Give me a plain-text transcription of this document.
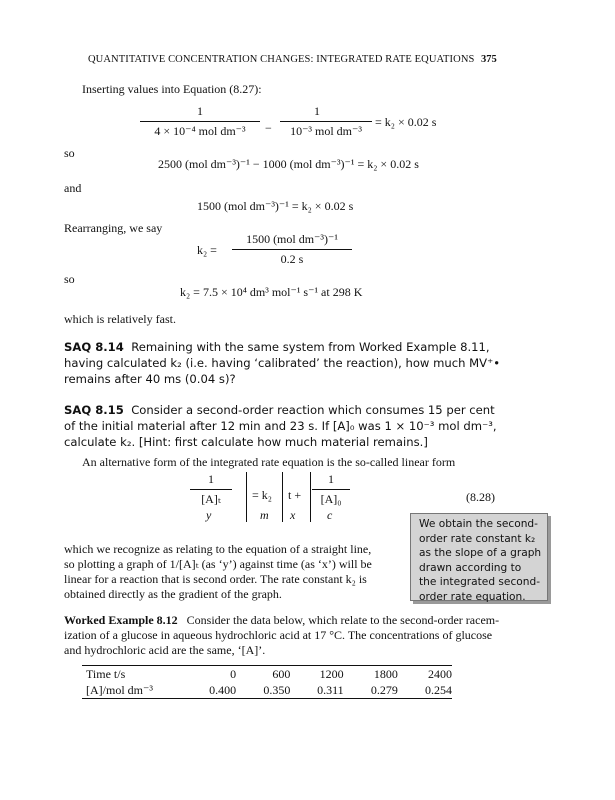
QUANTITATIVE CONCENTRATION CHANGES: INTEGRATED RATE EQUATIONS 375
Inserting values into Equation (8.27):
1
4 × 10⁻⁴ mol dm⁻³	−
1
10⁻³ mol dm⁻³
= k₂ × 0.02 s
so
2500 (mol dm⁻³)⁻¹ − 1000 (mol dm⁻³)⁻¹ = k₂ × 0.02 s
and
1500 (mol dm⁻³)⁻¹ = k₂ × 0.02 s
Rearranging, we say
k₂ =
1500 (mol dm⁻³)⁻¹
0.2 s
so
k₂ = 7.5 × 10⁴ dm³ mol⁻¹ s⁻¹ at 298 K
which is relatively fast.
SAQ 8.14 Remaining with the same system from Worked Example 8.11,
having calculated k₂ (i.e. having ‘calibrated’ the reaction), how much MV⁺•
remains after 40 ms (0.04 s)?
SAQ 8.15 Consider a second-order reaction which consumes 15 per cent
of the initial material after 12 min and 23 s. If [A]₀ was 1 × 10⁻³ mol dm⁻³,
calculate k₂. [Hint: first calculate how much material remains.]
An alternative form of the integrated rate equation is the so-called linear form
1
[A]ₜ	= k₂ t +
1
[A]₀
y	m x	c
(8.28)
We obtain the second-
order rate constant k₂
as the slope of a graph
drawn according to
the integrated second-
order rate equation.
which we recognize as relating to the equation of a straight line,
so plotting a graph of 1/[A]ₜ (as ‘y’) against time (as ‘x’) will be
linear for a reaction that is second order. The rate constant k₂ is
obtained directly as the gradient of the graph.
Worked Example 8.12 Consider the data below, which relate to the second-order racem-
ization of a glucose in aqueous hydrochloric acid at 17 °C. The concentrations of glucose
and hydrochloric acid are the same, ‘[A]’.
Time t/s	0	600	1200	1800	2400
[A]/mol dm⁻³	0.400	0.350	0.311	0.279	0.254
